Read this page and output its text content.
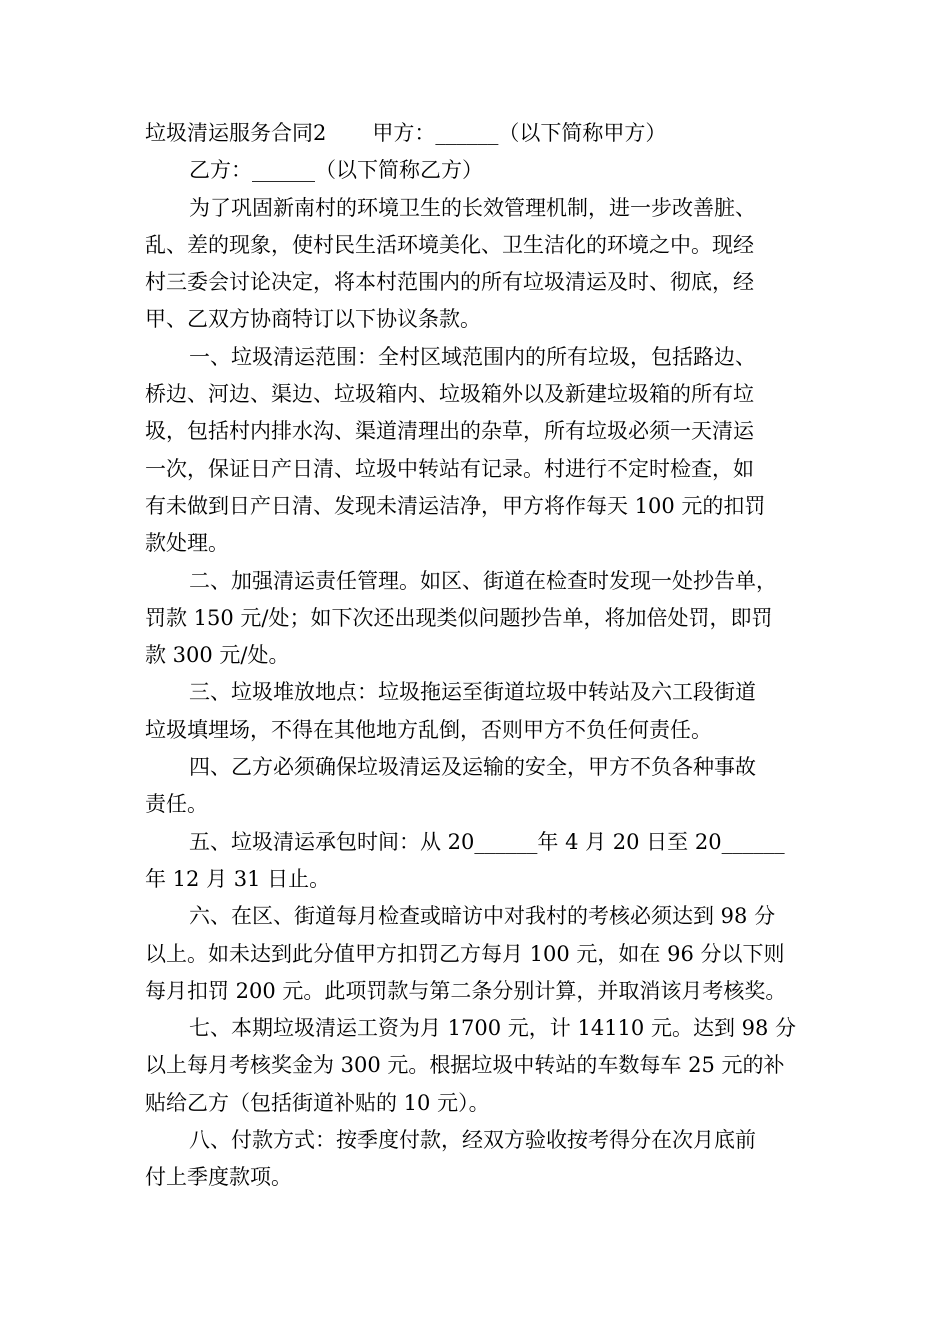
垃圾清运服务合同2 甲方：______（以下简称甲方）

乙方：______（以下简称乙方）

为了巩固新南村的环境卫生的长效管理机制，进一步改善脏、

乱、差的现象，使村民生活环境美化、卫生洁化的环境之中。现经

村三委会讨论决定，将本村范围内的所有垃圾清运及时、彻底，经

甲、乙双方协商特订以下协议条款。

一、垃圾清运范围：全村区域范围内的所有垃圾，包括路边、

桥边、河边、渠边、垃圾箱内、垃圾箱外以及新建垃圾箱的所有垃

圾，包括村内排水沟、渠道清理出的杂草，所有垃圾必须一天清运

一次，保证日产日清、垃圾中转站有记录。村进行不定时检查，如

有未做到日产日清、发现未清运洁净，甲方将作每天 100 元的扣罚

款处理。

二、加强清运责任管理。如区、街道在检查时发现一处抄告单，

罚款 150 元/处；如下次还出现类似问题抄告单，将加倍处罚，即罚

款 300 元/处。

三、垃圾堆放地点：垃圾拖运至街道垃圾中转站及六工段街道

垃圾填埋场，不得在其他地方乱倒，否则甲方不负任何责任。

四、乙方必须确保垃圾清运及运输的安全，甲方不负各种事故

责任。

五、垃圾清运承包时间：从 20______年 4 月 20 日至 20______

年 12 月 31 日止。

六、在区、街道每月检查或暗访中对我村的考核必须达到 98 分

以上。如未达到此分值甲方扣罚乙方每月 100 元，如在 96 分以下则

每月扣罚 200 元。此项罚款与第二条分别计算，并取消该月考核奖。

七、本期垃圾清运工资为月 1700 元，计 14110 元。达到 98 分

以上每月考核奖金为 300 元。根据垃圾中转站的车数每车 25 元的补

贴给乙方（包括街道补贴的 10 元）。

八、付款方式：按季度付款，经双方验收按考得分在次月底前

付上季度款项。
